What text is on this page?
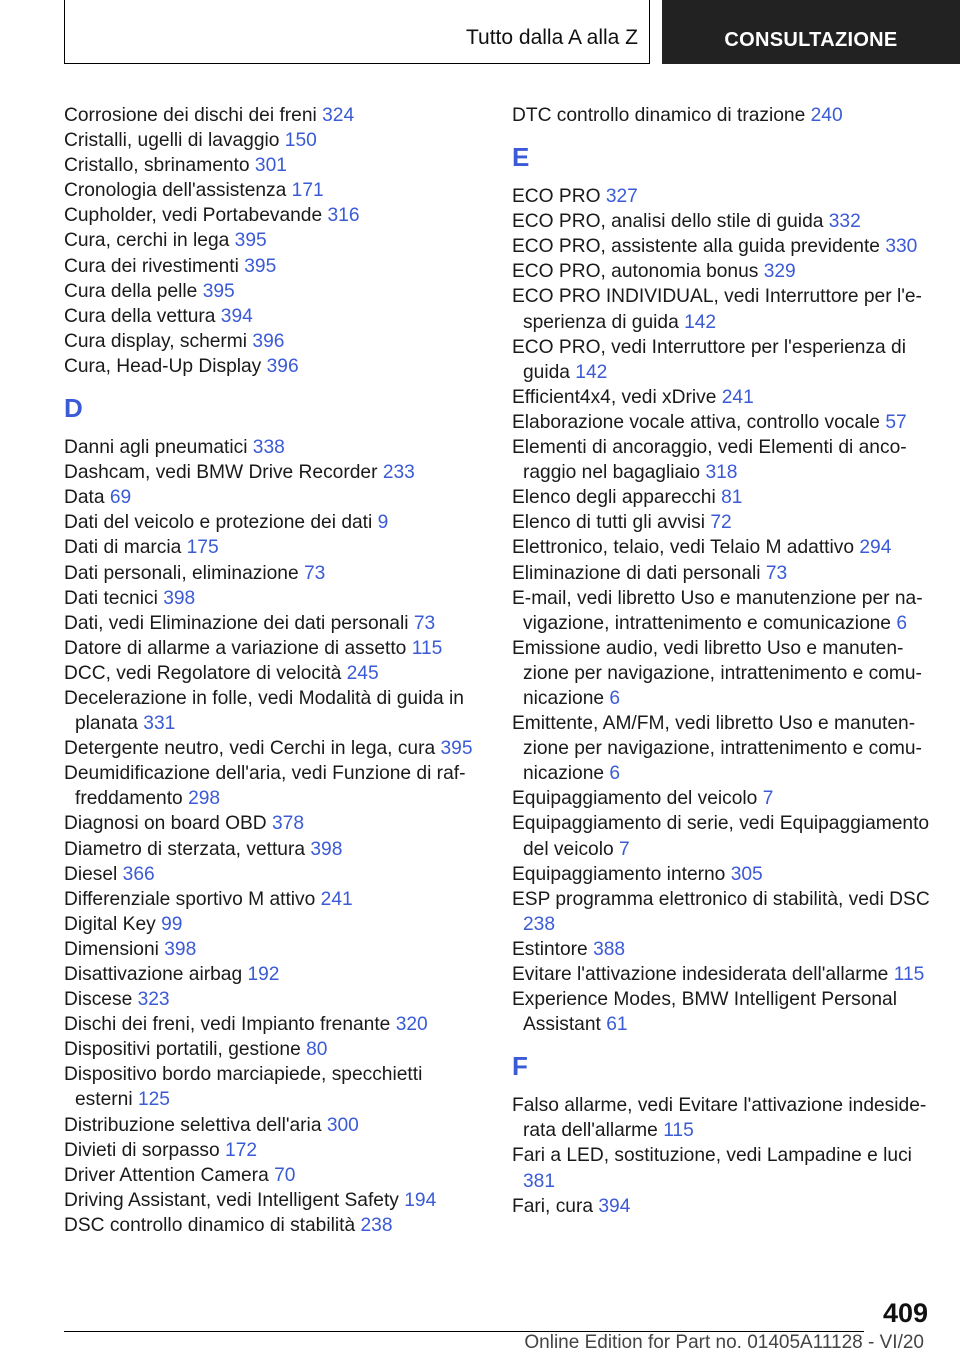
Tutto dalla A alla Z	CONSULTAZIONE
Corrosione dei dischi dei freni 324
Cristalli, ugelli di lavaggio 150
Cristallo, sbrinamento 301
Cronologia dell'assistenza 171
Cupholder, vedi Portabevande 316
Cura, cerchi in lega 395
Cura dei rivestimenti 395
Cura della pelle 395
Cura della vettura 394
Cura display, schermi 396
Cura, Head-Up Display 396
D
Danni agli pneumatici 338
Dashcam, vedi BMW Drive Recorder 233
Data 69
Dati del veicolo e protezione dei dati 9
Dati di marcia 175
Dati personali, eliminazione 73
Dati tecnici 398
Dati, vedi Eliminazione dei dati personali 73
Datore di allarme a variazione di assetto 115
DCC, vedi Regolatore di velocità 245
Decelerazione in folle, vedi Modalità di guida in planata 331
Detergente neutro, vedi Cerchi in lega, cura 395
Deumidificazione dell'aria, vedi Funzione di raffreddamento 298
Diagnosi on board OBD 378
Diametro di sterzata, vettura 398
Diesel 366
Differenziale sportivo M attivo 241
Digital Key 99
Dimensioni 398
Disattivazione airbag 192
Discese 323
Dischi dei freni, vedi Impianto frenante 320
Dispositivi portatili, gestione 80
Dispositivo bordo marciapiede, specchietti esterni 125
Distribuzione selettiva dell'aria 300
Divieti di sorpasso 172
Driver Attention Camera 70
Driving Assistant, vedi Intelligent Safety 194
DSC controllo dinamico di stabilità 238
DTC controllo dinamico di trazione 240
E
ECO PRO 327
ECO PRO, analisi dello stile di guida 332
ECO PRO, assistente alla guida previdente 330
ECO PRO, autonomia bonus 329
ECO PRO INDIVIDUAL, vedi Interruttore per l'esperienza di guida 142
ECO PRO, vedi Interruttore per l'esperienza di guida 142
Efficient4x4, vedi xDrive 241
Elaborazione vocale attiva, controllo vocale 57
Elementi di ancoraggio, vedi Elementi di ancoraggio nel bagagliaio 318
Elenco degli apparecchi 81
Elenco di tutti gli avvisi 72
Elettronico, telaio, vedi Telaio M adattivo 294
Eliminazione di dati personali 73
E-mail, vedi libretto Uso e manutenzione per navigazione, intrattenimento e comunicazione 6
Emissione audio, vedi libretto Uso e manutenzione per navigazione, intrattenimento e comunicazione 6
Emittente, AM/FM, vedi libretto Uso e manutenzione per navigazione, intrattenimento e comunicazione 6
Equipaggiamento del veicolo 7
Equipaggiamento di serie, vedi Equipaggiamento del veicolo 7
Equipaggiamento interno 305
ESP programma elettronico di stabilità, vedi DSC 238
Estintore 388
Evitare l'attivazione indesiderata dell'allarme 115
Experience Modes, BMW Intelligent Personal Assistant 61
F
Falso allarme, vedi Evitare l'attivazione indesiderata dell'allarme 115
Fari a LED, sostituzione, vedi Lampadine e luci 381
Fari, cura 394
409
Online Edition for Part no. 01405A11128 - VI/20
